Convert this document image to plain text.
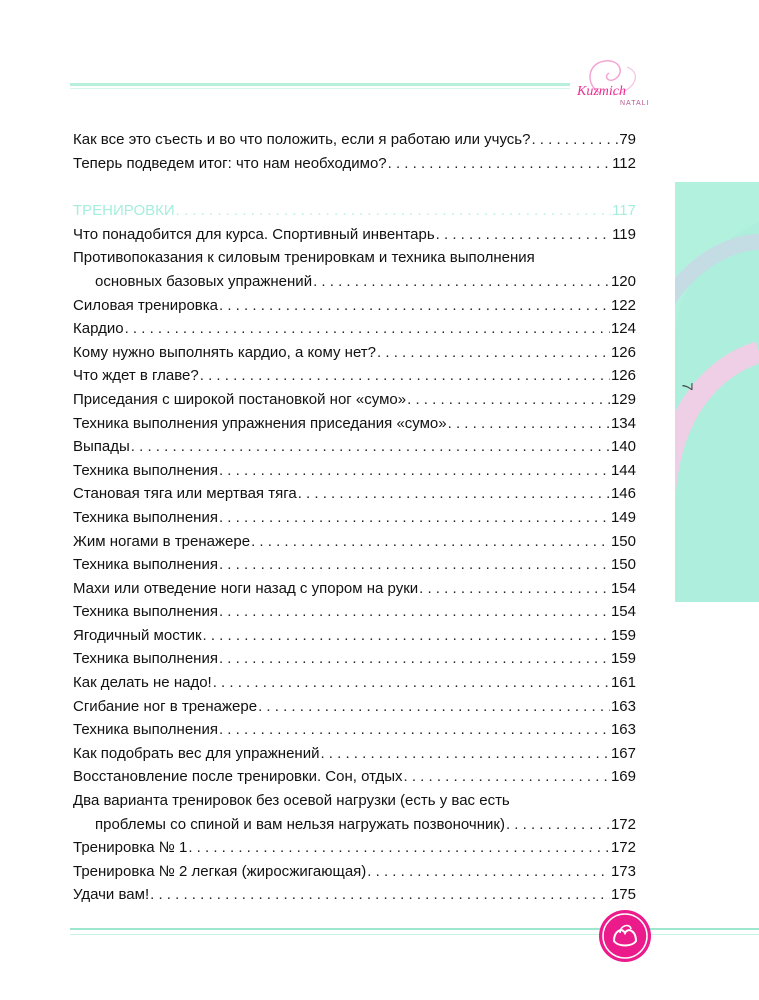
Kuzmich
NATALI
7
Как все это съесть и во что положить, если я работаю или учусь? . . .	79
Теперь подведем итог: что нам необходимо? . . .	112
ТРЕНИРОВКИ . . .	117
Что понадобится для курса. Спортивный инвентарь . . .	119
Противопоказания к силовым тренировкам и техника выполнения
основных базовых упражнений . . .	120
Силовая тренировка . . .	122
Кардио . . .	124
Кому нужно выполнять кардио, а кому нет? . . .	126
Что ждет в главе? . . .	126
Приседания с широкой постановкой ног «сумо» . . .	129
Техника выполнения упражнения приседания «сумо» . . .	134
Выпады . . .	140
Техника выполнения . . .	144
Становая тяга или мертвая тяга . . .	146
Техника выполнения . . .	149
Жим ногами в тренажере . . .	150
Техника выполнения . . .	150
Махи или отведение ноги назад с упором на руки . . .	154
Техника выполнения . . .	154
Ягодичный мостик . . .	159
Техника выполнения . . .	159
Как делать не надо! . . .	161
Сгибание ног в тренажере . . .	163
Техника выполнения . . .	163
Как подобрать вес для упражнений . . .	167
Восстановление после тренировки. Сон, отдых . . .	169
Два варианта тренировок без осевой нагрузки (есть у вас есть
проблемы со спиной и вам нельзя нагружать позвоночник) . . .	172
Тренировка № 1 . . .	172
Тренировка № 2 легкая (жиросжигающая) . . .	173
Удачи вам! . . .	175
